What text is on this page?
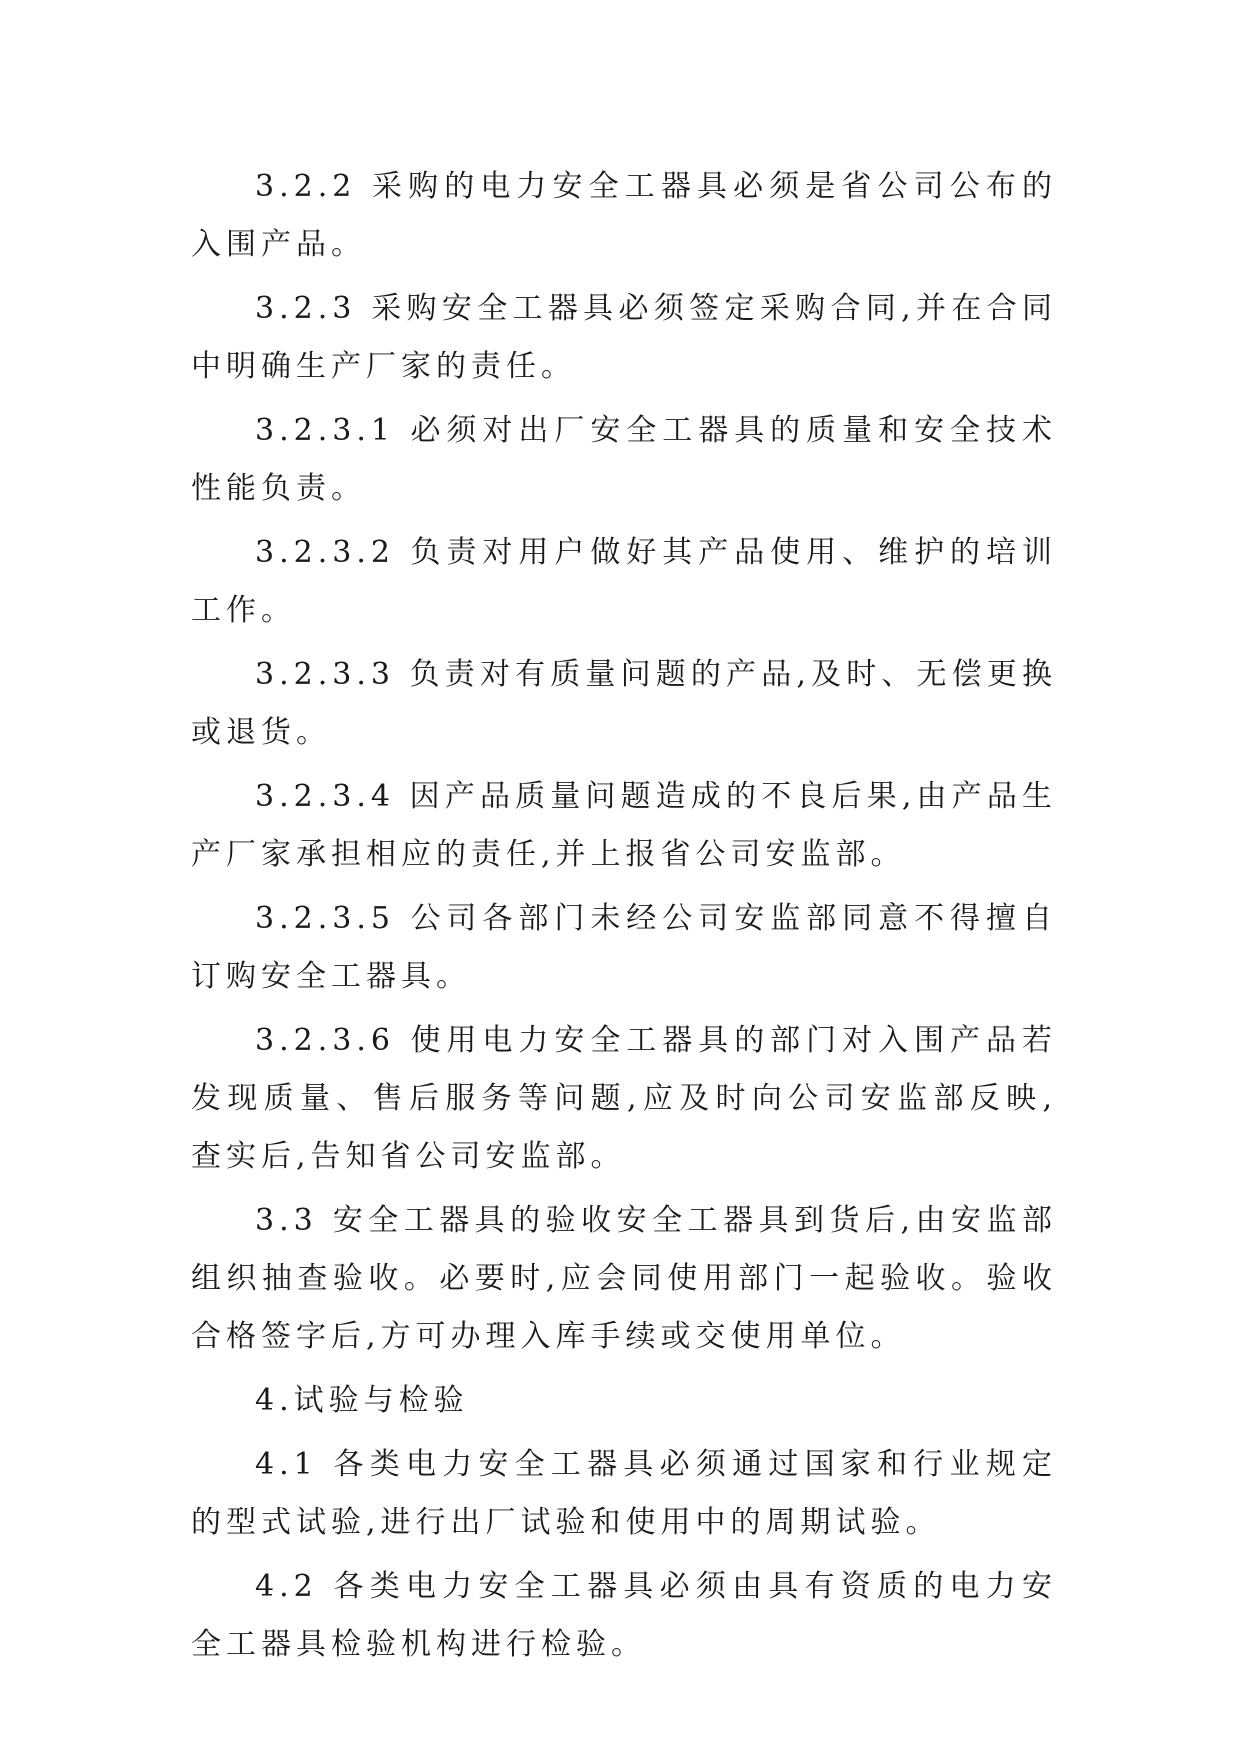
3.2.2 采购的电力安全工器具必须是省公司公布的入围产品。

3.2.3 采购安全工器具必须签定采购合同,并在合同中明确生产厂家的责任。

3.2.3.1 必须对出厂安全工器具的质量和安全技术性能负责。

3.2.3.2 负责对用户做好其产品使用、维护的培训工作。

3.2.3.3 负责对有质量问题的产品,及时、无偿更换或退货。

3.2.3.4 因产品质量问题造成的不良后果,由产品生产厂家承担相应的责任,并上报省公司安监部。

3.2.3.5 公司各部门未经公司安监部同意不得擅自订购安全工器具。

3.2.3.6 使用电力安全工器具的部门对入围产品若发现质量、售后服务等问题,应及时向公司安监部反映,查实后,告知省公司安监部。

3.3 安全工器具的验收安全工器具到货后,由安监部组织抽查验收。必要时,应会同使用部门一起验收。验收合格签字后,方可办理入库手续或交使用单位。

4.试验与检验

4.1 各类电力安全工器具必须通过国家和行业规定的型式试验,进行出厂试验和使用中的周期试验。

4.2 各类电力安全工器具必须由具有资质的电力安全工器具检验机构进行检验。
